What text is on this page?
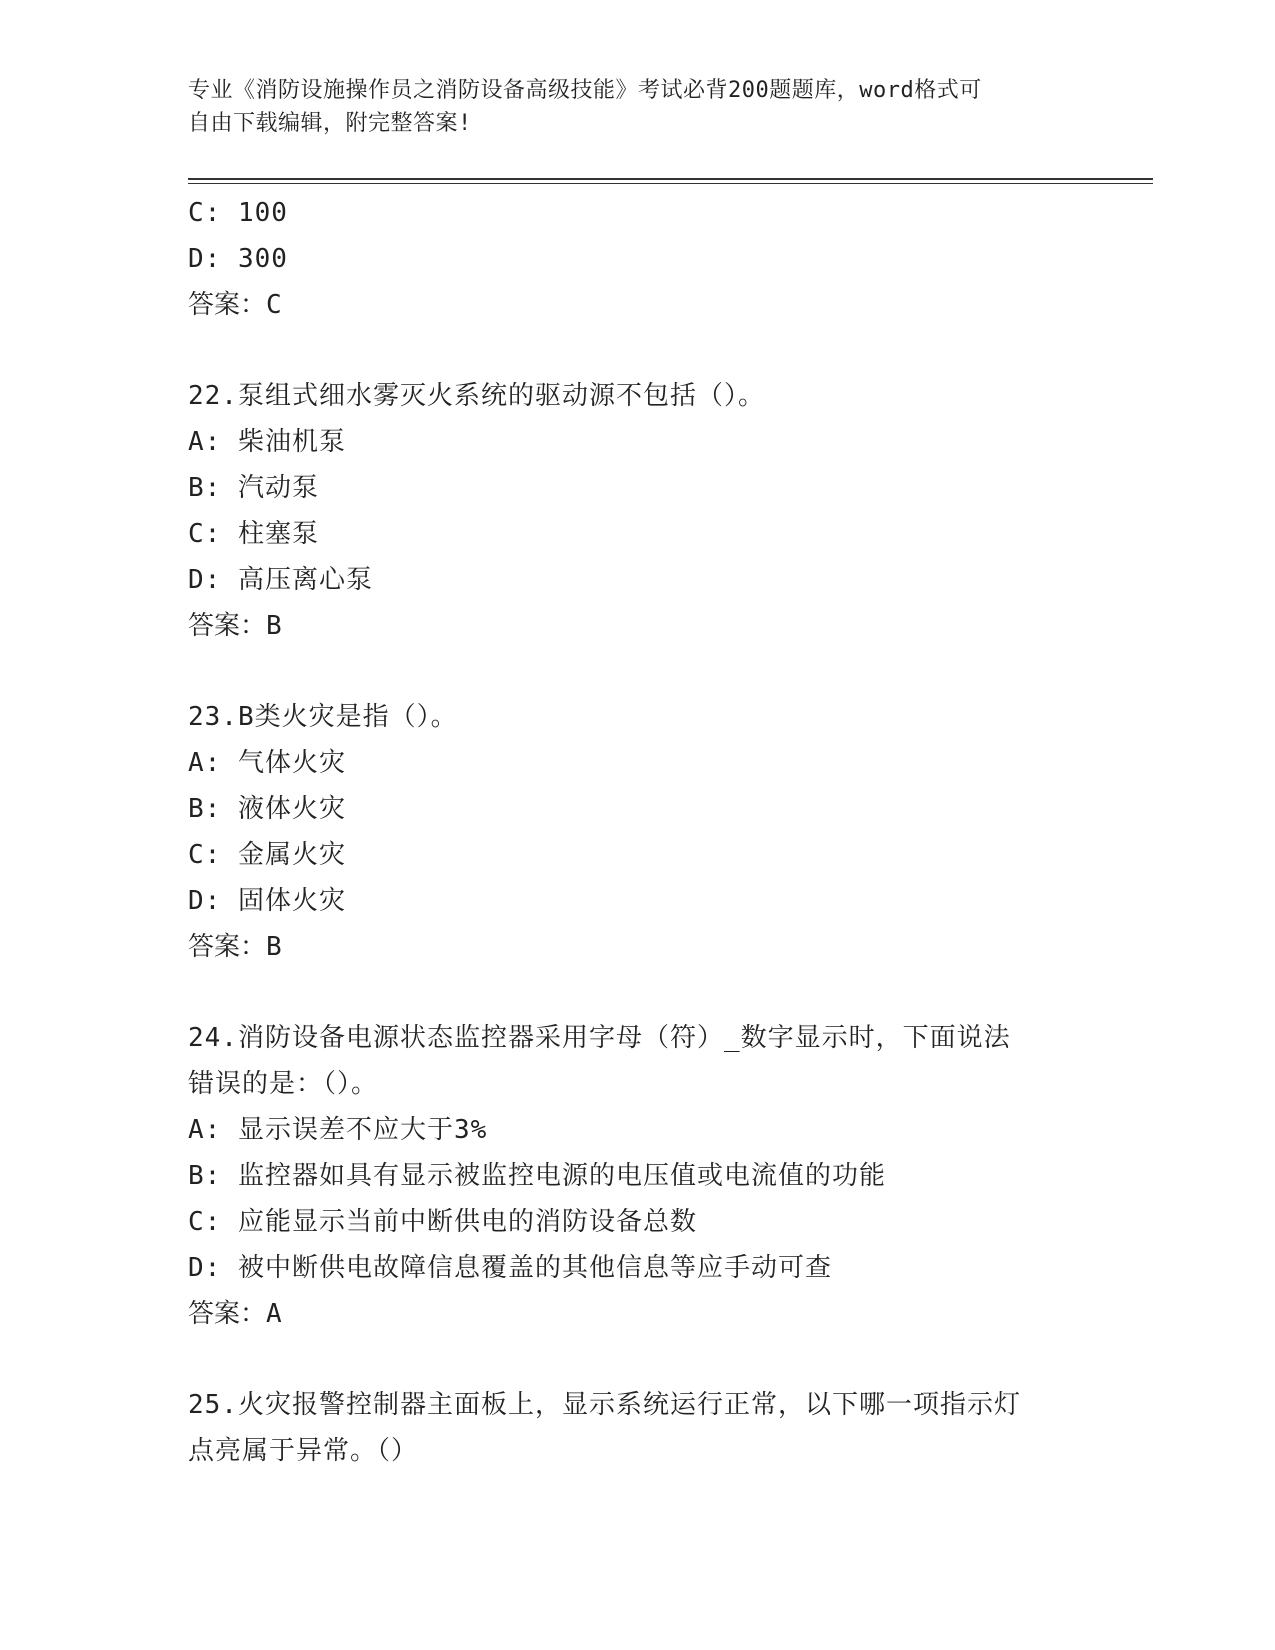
专业《消防设施操作员之消防设备高级技能》考试必背200题题库，word格式可
自由下载编辑，附完整答案!
C: 100
D: 300
答案：C
22.泵组式细水雾灭火系统的驱动源不包括（）。
A: 柴油机泵
B: 汽动泵
C: 柱塞泵
D: 高压离心泵
答案：B
23.B类火灾是指（）。
A: 气体火灾
B: 液体火灾
C: 金属火灾
D: 固体火灾
答案：B
24.消防设备电源状态监控器采用字母（符）_数字显示时，下面说法
错误的是：（）。
A: 显示误差不应大于3%
B: 监控器如具有显示被监控电源的电压值或电流值的功能
C: 应能显示当前中断供电的消防设备总数
D: 被中断供电故障信息覆盖的其他信息等应手动可查
答案：A
25.火灾报警控制器主面板上，显示系统运行正常，以下哪一项指示灯
点亮属于异常。（）
